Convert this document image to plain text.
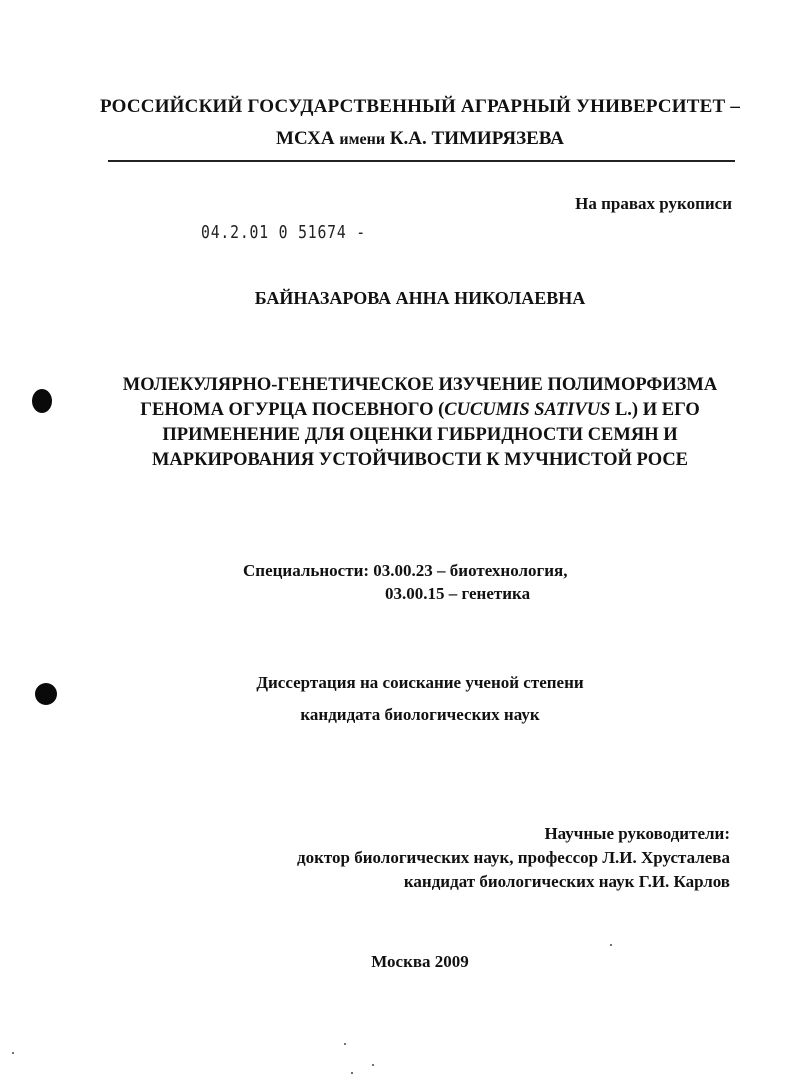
РОССИЙСКИЙ ГОСУДАРСТВЕННЫЙ АГРАРНЫЙ УНИВЕРСИТЕТ –
МСХА имени К.А. ТИМИРЯЗЕВА
На правах рукописи
04.2.01 0 51674 -
БАЙНАЗАРОВА АННА НИКОЛАЕВНА
МОЛЕКУЛЯРНО-ГЕНЕТИЧЕСКОЕ ИЗУЧЕНИЕ ПОЛИМОРФИЗМА
ГЕНОМА ОГУРЦА ПОСЕВНОГО (CUCUMIS SATIVUS L.) И ЕГО
ПРИМЕНЕНИЕ ДЛЯ ОЦЕНКИ ГИБРИДНОСТИ СЕМЯН И
МАРКИРОВАНИЯ УСТОЙЧИВОСТИ К МУЧНИСТОЙ РОСЕ
Специальности: 03.00.23 – биотехнология,
03.00.15 – генетика
Диссертация на соискание ученой степени
кандидата биологических наук
Научные руководители:
доктор биологических наук, профессор Л.И. Хрусталева
кандидат биологических наук Г.И. Карлов
Москва 2009
